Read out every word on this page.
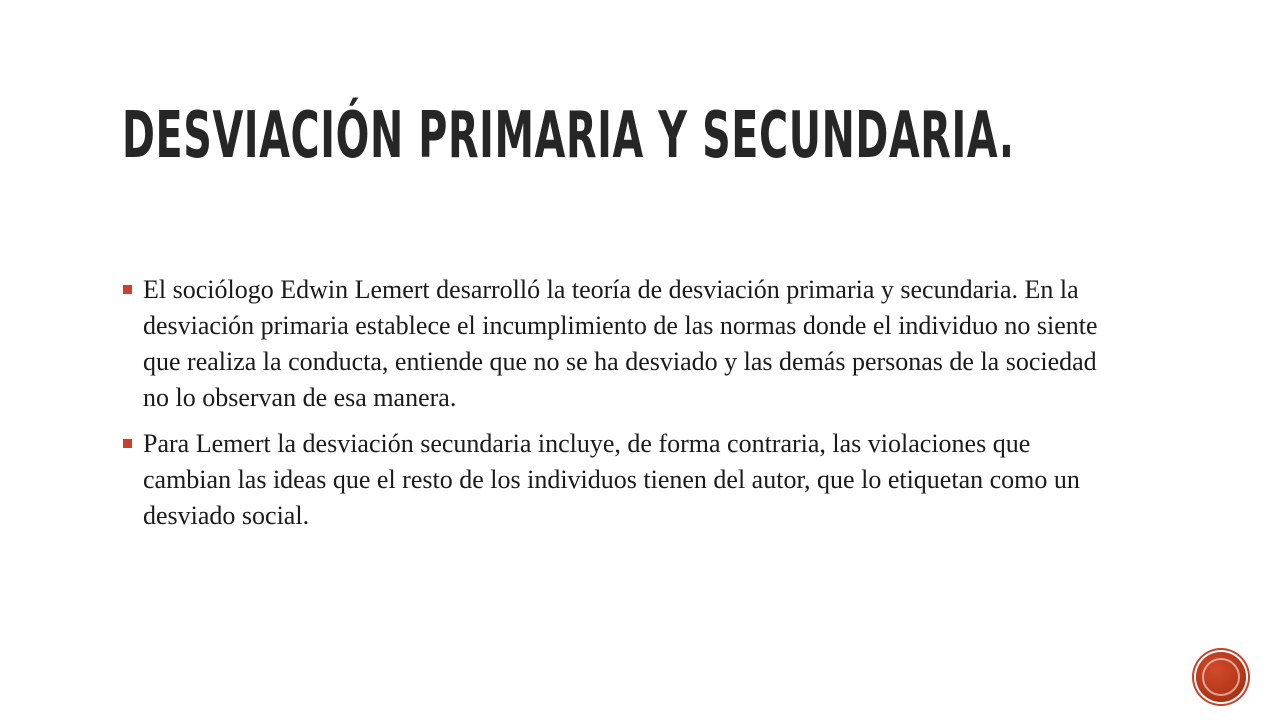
DESVIACIÓN PRIMARIA Y SECUNDARIA.
El sociólogo Edwin Lemert desarrolló la teoría de desviación primaria y secundaria. En la desviación primaria establece el incumplimiento de las normas donde el individuo no siente que realiza la conducta, entiende que no se ha desviado y las demás personas de la sociedad no lo observan de esa manera.
Para Lemert la desviación secundaria incluye, de forma contraria, las violaciones que cambian las ideas que el resto de los individuos tienen del autor, que lo etiquetan como un desviado social.
